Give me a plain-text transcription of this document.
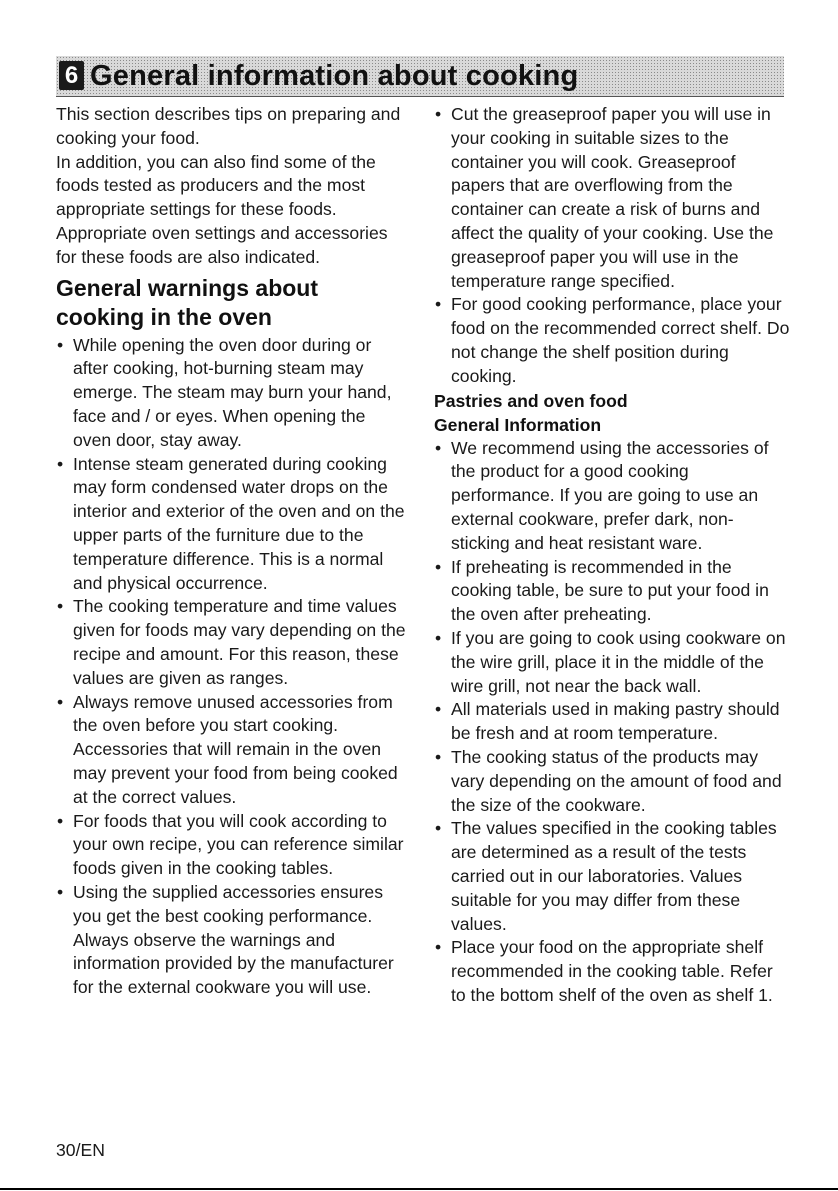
6 General information about cooking

This section describes tips on preparing and cooking your food.

In addition, you can also find some of the foods tested as producers and the most appropriate settings for these foods. Appropriate oven settings and accessories for these foods are also indicated.

General warnings about cooking in the oven
• While opening the oven door during or after cooking, hot-burning steam may emerge. The steam may burn your hand, face and / or eyes. When opening the oven door, stay away.
• Intense steam generated during cooking may form condensed water drops on the interior and exterior of the oven and on the upper parts of the furniture due to the temperature difference. This is a normal and physical occurrence.
• The cooking temperature and time values given for foods may vary depending on the recipe and amount. For this reason, these values are given as ranges.
• Always remove unused accessories from the oven before you start cooking. Accessories that will remain in the oven may prevent your food from being cooked at the correct values.
• For foods that you will cook according to your own recipe, you can reference similar foods given in the cooking tables.
• Using the supplied accessories ensures you get the best cooking performance. Always observe the warnings and information provided by the manufacturer for the external cookware you will use.
• Cut the greaseproof paper you will use in your cooking in suitable sizes to the container you will cook. Greaseproof papers that are overflowing from the container can create a risk of burns and affect the quality of your cooking. Use the greaseproof paper you will use in the temperature range specified.
• For good cooking performance, place your food on the recommended correct shelf. Do not change the shelf position during cooking.
Pastries and oven food
General Information
• We recommend using the accessories of the product for a good cooking performance. If you are going to use an external cookware, prefer dark, non-sticking and heat resistant ware.
• If preheating is recommended in the cooking table, be sure to put your food in the oven after preheating.
• If you are going to cook using cookware on the wire grill, place it in the middle of the wire grill, not near the back wall.
• All materials used in making pastry should be fresh and at room temperature.
• The cooking status of the products may vary depending on the amount of food and the size of the cookware.
• The values specified in the cooking tables are determined as a result of the tests carried out in our laboratories. Values suitable for you may differ from these values.
• Place your food on the appropriate shelf recommended in the cooking table. Refer to the bottom shelf of the oven as shelf 1.
30/EN
